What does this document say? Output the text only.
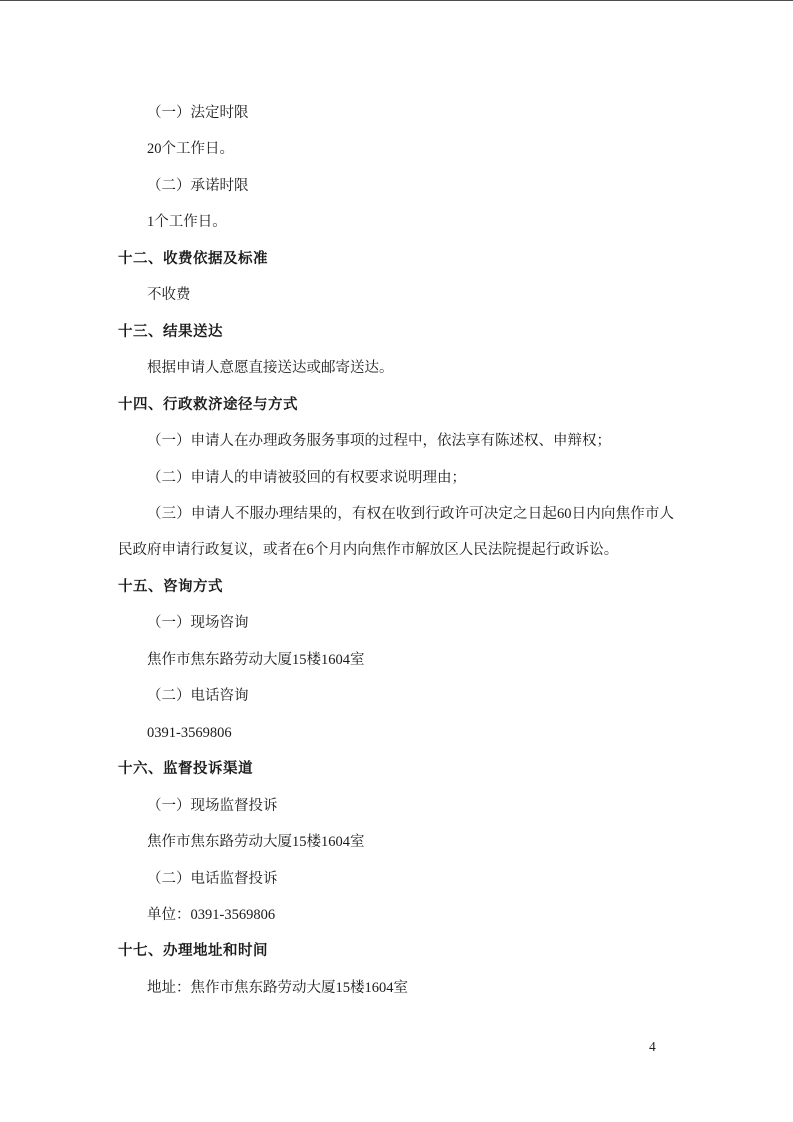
（一）法定时限

20个工作日。

（二）承诺时限

1个工作日。

十二、收费依据及标准

不收费

十三、结果送达

根据申请人意愿直接送达或邮寄送达。

十四、行政救济途径与方式

（一）申请人在办理政务服务事项的过程中，依法享有陈述权、申辩权；

（二）申请人的申请被驳回的有权要求说明理由；

（三）申请人不服办理结果的，有权在收到行政许可决定之日起60日内向焦作市人民政府申请行政复议，或者在6个月内向焦作市解放区人民法院提起行政诉讼。

十五、咨询方式

（一）现场咨询

焦作市焦东路劳动大厦15楼1604室

（二）电话咨询

0391-3569806

十六、监督投诉渠道

（一）现场监督投诉

焦作市焦东路劳动大厦15楼1604室

（二）电话监督投诉

单位：0391-3569806

十七、办理地址和时间

地址：焦作市焦东路劳动大厦15楼1604室

4
